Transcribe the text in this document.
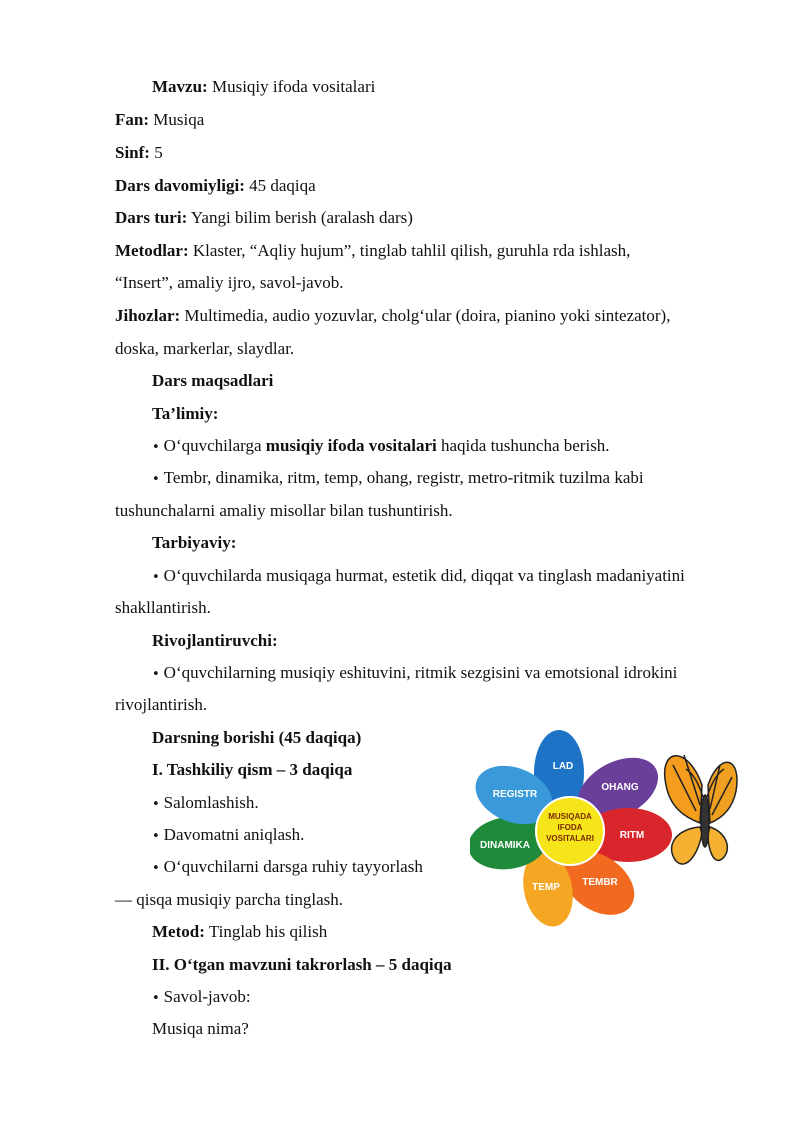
Mavzu: Musiqiy ifoda vositalari
Fan: Musiqa
Sinf: 5
Dars davomiyligi: 45 daqiqa
Dars turi: Yangi bilim berish (aralash dars)
Metodlar: Klaster, “Aqliy hujum”, tinglab tahlil qilish, guruhla rda ishlash,
“Insert”, amaliy ijro, savol-javob.
Jihozlar: Multimedia, audio yozuvlar, cholg‘ular (doira, pianino yoki sintezator),
doska, markerlar, slaydlar.
Dars maqsadlari
Ta’limiy:
• O‘quvchilarga musiqiy ifoda vositalari haqida tushuncha berish.
• Tembr, dinamika, ritm, temp, ohang, registr, metro-ritmik tuzilma kabi
tushunchalarni amaliy misollar bilan tushuntirish.
Tarbiyaviy:
• O‘quvchilarda musiqaga hurmat, estetik did, diqqat va tinglash madaniyatini
shakllantirish.
Rivojlantiruvchi:
• O‘quvchilarning musiqiy eshituvini, ritmik sezgisini va emotsional idrokini
rivojlantirish.
Darsning borishi (45 daqiqa)
I. Tashkiliy qism – 3 daqiqa
• Salomlashish.
• Davomatni aniqlash.
• O‘quvchilarni darsga ruhiy tayyorlash
— qisqa musiqiy parcha tinglash.
Metod: Tinglab his qilish
II. O‘tgan mavzuni takrorlash – 5 daqiqa
• Savol-javob:
Musiqa nima?
MUSIQADA
IFODA
VOSITALARI
LAD
OHANG
RITM
TEMBR
TEMP
DINAMIKA
REGISTR
